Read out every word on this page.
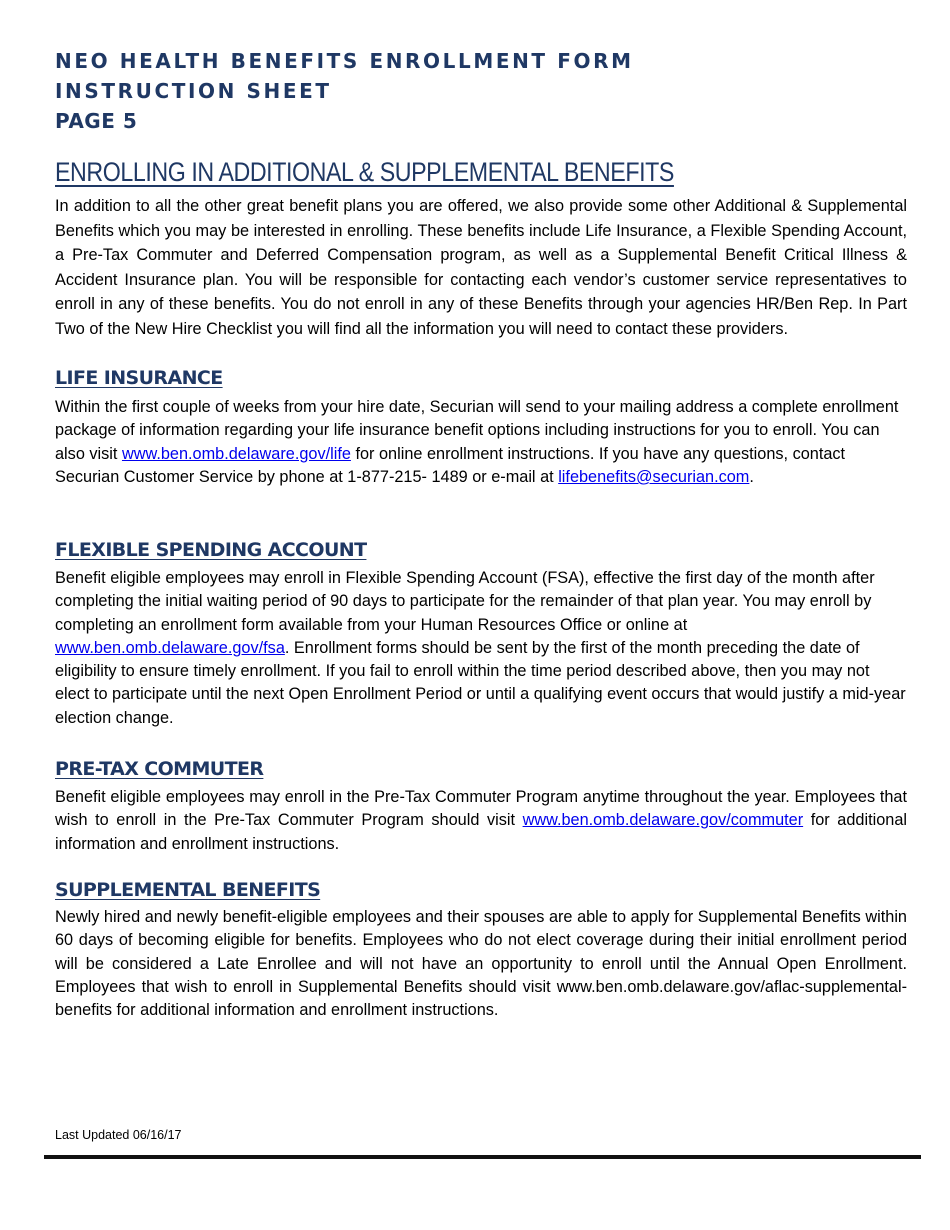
NEO HEALTH BENEFITS ENROLLMENT FORM
INSTRUCTION SHEET
PAGE 5
ENROLLING IN ADDITIONAL & SUPPLEMENTAL BENEFITS
In addition to all the other great benefit plans you are offered, we also provide some other Additional & Supplemental Benefits which you may be interested in enrolling. These benefits include Life Insurance, a Flexible Spending Account, a Pre-Tax Commuter and Deferred Compensation program, as well as a Supplemental Benefit Critical Illness & Accident Insurance plan. You will be responsible for contacting each vendor’s customer service representatives to enroll in any of these benefits. You do not enroll in any of these Benefits through your agencies HR/Ben Rep. In Part Two of the New Hire Checklist you will find all the information you will need to contact these providers.
LIFE INSURANCE
Within the first couple of weeks from your hire date, Securian will send to your mailing address a complete enrollment package of information regarding your life insurance benefit options including instructions for you to enroll. You can also visit www.ben.omb.delaware.gov/life for online enrollment instructions. If you have any questions, contact Securian Customer Service by phone at 1-877-215- 1489 or e-mail at lifebenefits@securian.com.
FLEXIBLE SPENDING ACCOUNT
Benefit eligible employees may enroll in Flexible Spending Account (FSA), effective the first day of the month after completing the initial waiting period of 90 days to participate for the remainder of that plan year. You may enroll by completing an enrollment form available from your Human Resources Office or online at www.ben.omb.delaware.gov/fsa. Enrollment forms should be sent by the first of the month preceding the date of eligibility to ensure timely enrollment. If you fail to enroll within the time period described above, then you may not elect to participate until the next Open Enrollment Period or until a qualifying event occurs that would justify a mid-year election change.
PRE-TAX COMMUTER
Benefit eligible employees may enroll in the Pre-Tax Commuter Program anytime throughout the year. Employees that wish to enroll in the Pre-Tax Commuter Program should visit www.ben.omb.delaware.gov/commuter for additional information and enrollment instructions.
SUPPLEMENTAL BENEFITS
Newly hired and newly benefit-eligible employees and their spouses are able to apply for Supplemental Benefits within 60 days of becoming eligible for benefits. Employees who do not elect coverage during their initial enrollment period will be considered a Late Enrollee and will not have an opportunity to enroll until the Annual Open Enrollment. Employees that wish to enroll in Supplemental Benefits should visit www.ben.omb.delaware.gov/aflac-supplemental-benefits for additional information and enrollment instructions.
Last Updated 06/16/17
